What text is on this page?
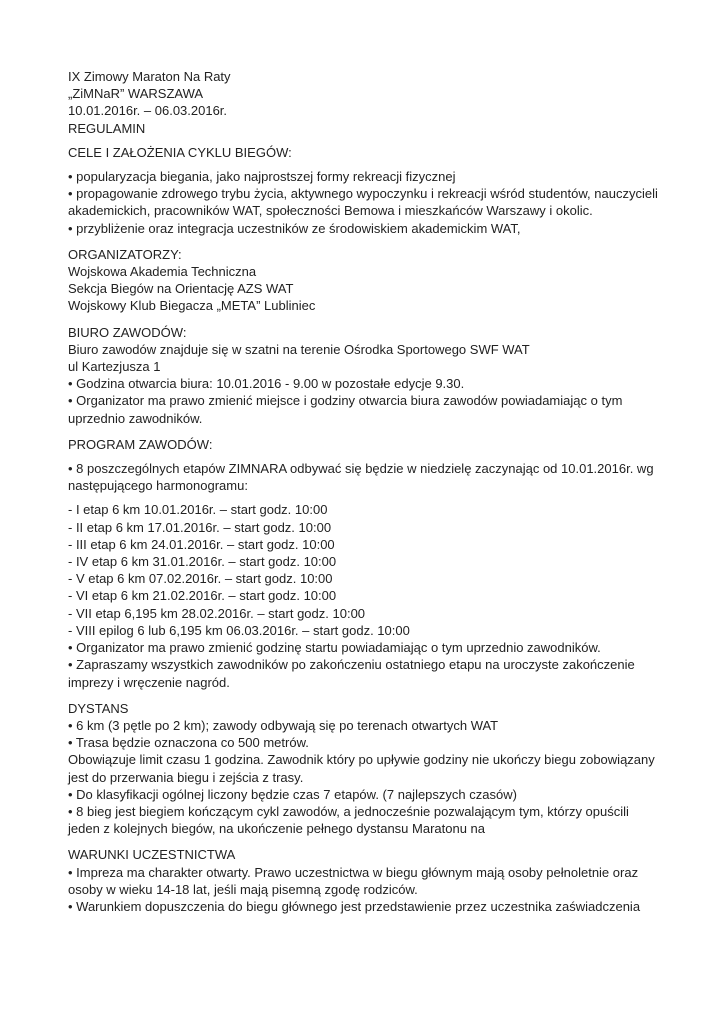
IX Zimowy Maraton Na Raty
„ZiMNaR” WARSZAWA
10.01.2016r. – 06.03.2016r.
REGULAMIN
CELE I ZAŁOŻENIA CYKLU BIEGÓW:
• popularyzacja biegania, jako najprostszej formy rekreacji fizycznej
• propagowanie zdrowego trybu życia, aktywnego wypoczynku i rekreacji wśród studentów, nauczycieli
akademickich, pracowników WAT, społeczności Bemowa i mieszkańców Warszawy i okolic.
• przybliżenie oraz integracja uczestników ze środowiskiem akademickim WAT,
ORGANIZATORZY:
Wojskowa Akademia Techniczna
Sekcja Biegów na Orientację AZS WAT
Wojskowy Klub Biegacza „META” Lubliniec
BIURO ZAWODÓW:
Biuro zawodów znajduje się w szatni na terenie Ośrodka Sportowego SWF WAT
ul Kartezjusza 1
• Godzina otwarcia biura: 10.01.2016 - 9.00 w pozostałe edycje 9.30.
• Organizator ma prawo zmienić miejsce i godziny otwarcia biura zawodów powiadamiając o tym
uprzednio zawodników.
PROGRAM ZAWODÓW:
• 8 poszczególnych etapów ZIMNARA odbywać się będzie w niedzielę zaczynając od 10.01.2016r. wg
następującego harmonogramu:
- I etap 6 km 10.01.2016r. – start godz. 10:00
- II etap 6 km 17.01.2016r. – start godz. 10:00
- III etap 6 km 24.01.2016r. – start godz. 10:00
- IV etap 6 km 31.01.2016r. – start godz. 10:00
- V etap 6 km 07.02.2016r. – start godz. 10:00
- VI etap 6 km 21.02.2016r. – start godz. 10:00
- VII etap 6,195 km 28.02.2016r. – start godz. 10:00
- VIII epilog 6 lub 6,195 km 06.03.2016r. – start godz. 10:00
• Organizator ma prawo zmienić godzinę startu powiadamiając o tym uprzednio zawodników.
• Zapraszamy wszystkich zawodników po zakończeniu ostatniego etapu na uroczyste zakończenie
imprezy i wręczenie nagród.
DYSTANS
• 6 km (3 pętle po 2 km); zawody odbywają się po terenach otwartych WAT
• Trasa będzie oznaczona co 500 metrów.
Obowiązuje limit czasu 1 godzina. Zawodnik który po upływie godziny nie ukończy biegu zobowiązany
jest do przerwania biegu i zejścia z trasy.
• Do klasyfikacji ogólnej liczony będzie czas 7 etapów. (7 najlepszych czasów)
• 8 bieg jest biegiem kończącym cykl zawodów, a jednocześnie pozwalającym tym, którzy opuścili
jeden z kolejnych biegów, na ukończenie pełnego dystansu Maratonu na
WARUNKI UCZESTNICTWA
• Impreza ma charakter otwarty. Prawo uczestnictwa w biegu głównym mają osoby pełnoletnie oraz
osoby w wieku 14-18 lat, jeśli mają pisemną zgodę rodziców.
• Warunkiem dopuszczenia do biegu głównego jest przedstawienie przez uczestnika zaświadczenia
